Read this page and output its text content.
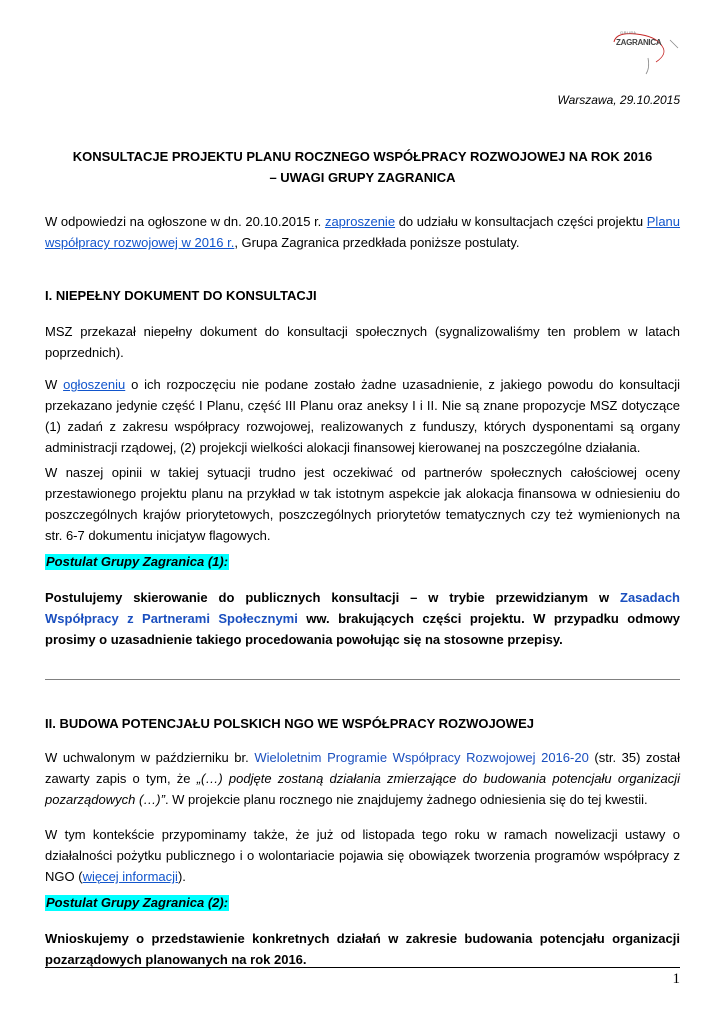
GRUPA
ZAGRANICA
Warszawa, 29.10.2015
KONSULTACJE PROJEKTU PLANU ROCZNEGO WSPÓŁPRACY ROZWOJOWEJ NA ROK 2016
– UWAGI GRUPY ZAGRANICA

W odpowiedzi na ogłoszone w dn. 20.10.2015 r. zaproszenie do udziału w konsultacjach części projektu Planu współpracy rozwojowej w 2016 r., Grupa Zagranica przedkłada poniższe postulaty.

I. NIEPEŁNY DOKUMENT DO KONSULTACJI

MSZ przekazał niepełny dokument do konsultacji społecznych (sygnalizowaliśmy ten problem w latach poprzednich).

W ogłoszeniu o ich rozpoczęciu nie podane zostało żadne uzasadnienie, z jakiego powodu do konsultacji przekazano jedynie część I Planu, część III Planu oraz aneksy I i II. Nie są znane propozycje MSZ dotyczące (1) zadań z zakresu współpracy rozwojowej, realizowanych z funduszy, których dysponentami są organy administracji rządowej, (2) projekcji wielkości alokacji finansowej kierowanej na poszczególne działania.

W naszej opinii w takiej sytuacji trudno jest oczekiwać od partnerów społecznych całościowej oceny przestawionego projektu planu na przykład w tak istotnym aspekcie jak alokacja finansowa w odniesieniu do poszczególnych krajów priorytetowych, poszczególnych priorytetów tematycznych czy też wymienionych na str. 6-7 dokumentu inicjatyw flagowych.

Postulat Grupy Zagranica (1):

Postulujemy skierowanie do publicznych konsultacji – w trybie przewidzianym w Zasadach Współpracy z Partnerami Społecznymi ww. brakujących części projektu. W przypadku odmowy prosimy o uzasadnienie takiego procedowania powołując się na stosowne przepisy.

II. BUDOWA POTENCJAŁU POLSKICH NGO WE WSPÓŁPRACY ROZWOJOWEJ

W uchwalonym w październiku br. Wieloletnim Programie Współpracy Rozwojowej 2016-20 (str. 35) został zawarty zapis o tym, że „(…) podjęte zostaną działania zmierzające do budowania potencjału organizacji pozarządowych (…)”. W projekcie planu rocznego nie znajdujemy żadnego odniesienia się do tej kwestii.

W tym kontekście przypominamy także, że już od listopada tego roku w ramach nowelizacji ustawy o działalności pożytku publicznego i o wolontariacie pojawia się obowiązek tworzenia programów współpracy z NGO (więcej informacji).

Postulat Grupy Zagranica (2):

Wnioskujemy o przedstawienie konkretnych działań w zakresie budowania potencjału organizacji pozarządowych planowanych na rok 2016.

1
